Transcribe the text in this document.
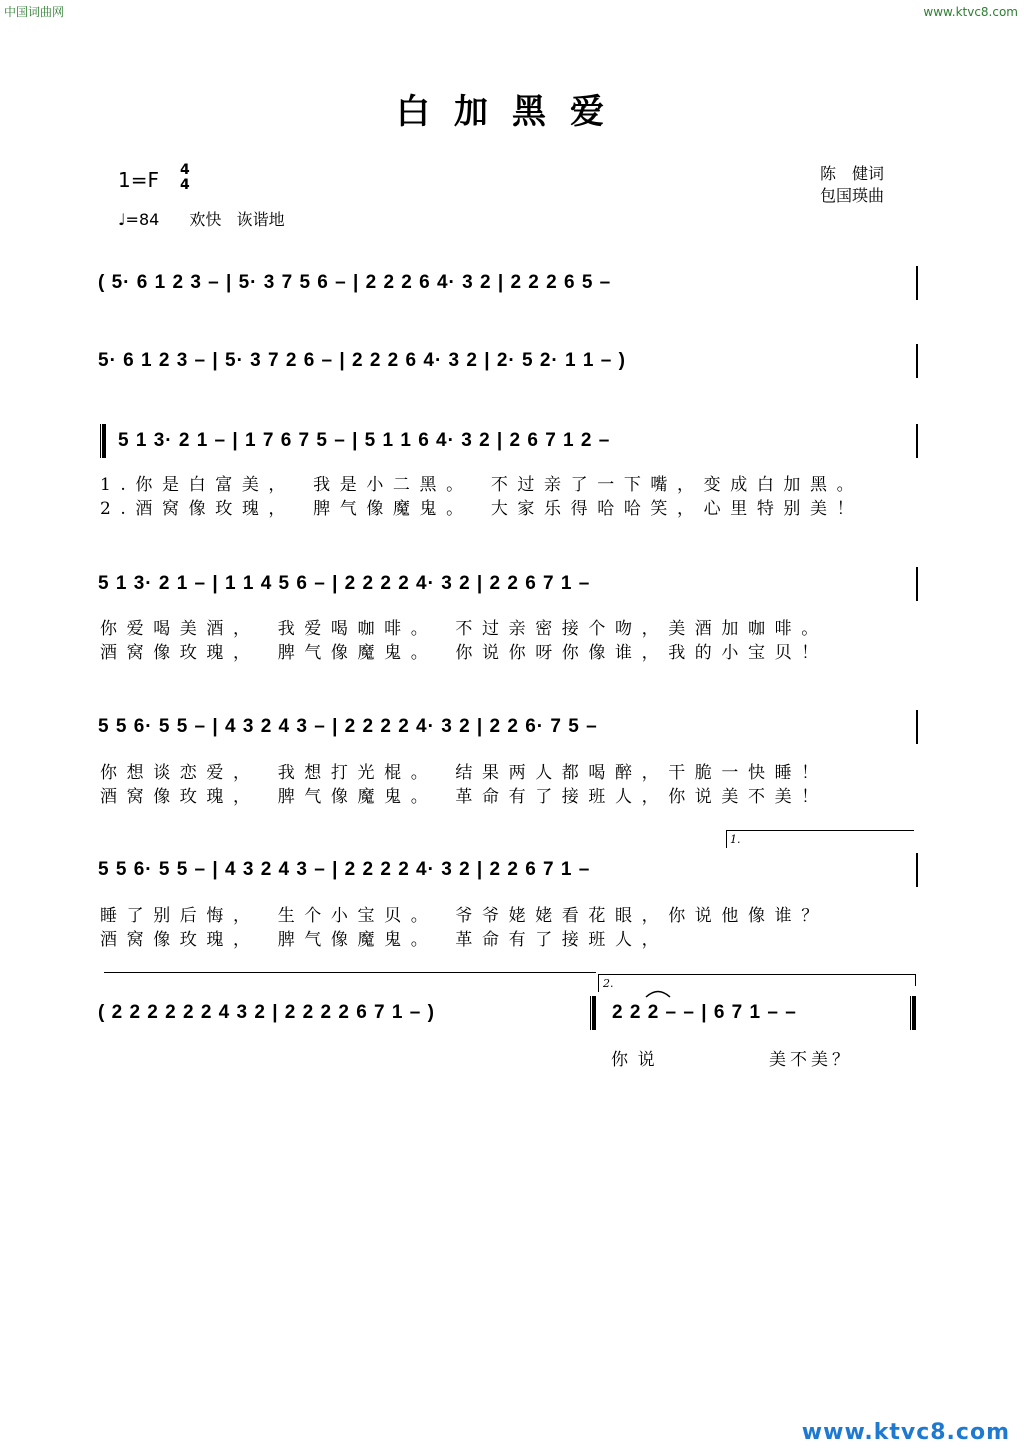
中国词曲网	www.ktvc8.com
白加黑爱
1=F 4
4
♩=84 欢快 诙谐地
陈　健词
包国瑛曲
( 5· 6 1 2 3 – | 5· 3 7 5 6 – | 2 2 2 6 4· 3 2 | 2 2 2 6 5 –
5· 6 1 2 3 – | 5· 3 7 2 6 – | 2 2 2 6 4· 3 2 | 2· 5 2· 1 1 – )
5 1 3· 2 1 – | 1 7 6 7 5 – | 5 1 1 6 4· 3 2 | 2 6 7 1 2 –
1.你是白富美，　我是小二黑。　不过亲了一下嘴，变成白加黑。
2.酒窝像玫瑰，　脾气像魔鬼。　大家乐得哈哈笑，心里特别美！
5 1 3· 2 1 – | 1 1 4 5 6 – | 2 2 2 2 4· 3 2 | 2 2 6 7 1 –
你爱喝美酒，　我爱喝咖啡。　不过亲密接个吻，美酒加咖啡。
酒窝像玫瑰，　脾气像魔鬼。　你说你呀你像谁，我的小宝贝！
5 5 6· 5 5 – | 4 3 2 4 3 – | 2 2 2 2 4· 3 2 | 2 2 6· 7 5 –
你想谈恋爱，　我想打光棍。　结果两人都喝醉，干脆一快睡！
酒窝像玫瑰，　脾气像魔鬼。　革命有了接班人，你说美不美！
1.
5 5 6· 5 5 – | 4 3 2 4 3 – | 2 2 2 2 4· 3 2 | 2 2 6 7 1 –
睡了别后悔，　生个小宝贝。　爷爷姥姥看花眼，你说他像谁？
酒窝像玫瑰，　脾气像魔鬼。　革命有了接班人，
2.
( 2 2 2 2 2 2 4 3 2 | 2 2 2 2 6 7 1 – )	2 2 2 – – | 6 7 1 – –
你说	美不美？
www.ktvc8.com
